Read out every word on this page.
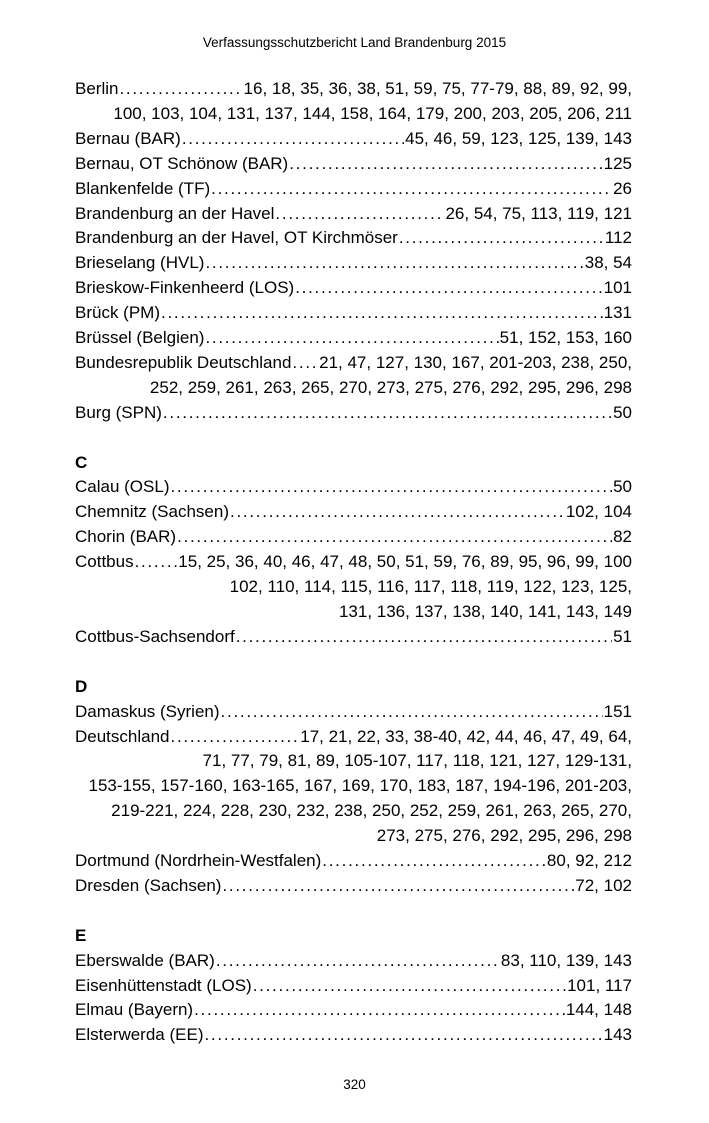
Verfassungsschutzbericht Land Brandenburg 2015
Berlin . . .	16, 18, 35, 36, 38, 51, 59, 75, 77-79, 88, 89, 92, 99,
100, 103, 104, 131, 137, 144, 158, 164, 179, 200, 203, 205, 206, 211
Bernau (BAR) . . .	45, 46, 59, 123, 125, 139, 143
Bernau, OT Schönow (BAR) . . .	125
Blankenfelde (TF) . . .	26
Brandenburg an der Havel . . .	26, 54, 75, 113, 119, 121
Brandenburg an der Havel, OT Kirchmöser . . .	112
Brieselang (HVL) . . .	38, 54
Brieskow-Finkenheerd (LOS) . . .	101
Brück (PM) . . .	131
Brüssel (Belgien) . . .	51, 152, 153, 160
Bundesrepublik Deutschland . . . 21, 47, 127, 130, 167, 201-203, 238, 250,
252, 259, 261, 263, 265, 270, 273, 275, 276, 292, 295, 296, 298
Burg (SPN) . . .	50
C
Calau (OSL) . . .	50
Chemnitz (Sachsen) . . .	102, 104
Chorin (BAR) . . .	82
Cottbus . . .	15, 25, 36, 40, 46, 47, 48, 50, 51, 59, 76, 89, 95, 96, 99, 100
102, 110, 114, 115, 116, 117, 118, 119, 122, 123, 125,
131, 136, 137, 138, 140, 141, 143, 149
Cottbus-Sachsendorf . . .	51
D
Damaskus (Syrien) . . .	151
Deutschland . . .	17, 21, 22, 33, 38-40, 42, 44, 46, 47, 49, 64,
71, 77, 79, 81, 89, 105-107, 117, 118, 121, 127, 129-131,
153-155, 157-160, 163-165, 167, 169, 170, 183, 187, 194-196, 201-203,
219-221, 224, 228, 230, 232, 238, 250, 252, 259, 261, 263, 265, 270,
273, 275, 276, 292, 295, 296, 298
Dortmund (Nordrhein-Westfalen) . . .	80, 92, 212
Dresden (Sachsen) . . .	72, 102
E
Eberswalde (BAR) . . .	83, 110, 139, 143
Eisenhüttenstadt (LOS) . . .	101, 117
Elmau (Bayern) . . .	144, 148
Elsterwerda (EE) . . .	143
320
